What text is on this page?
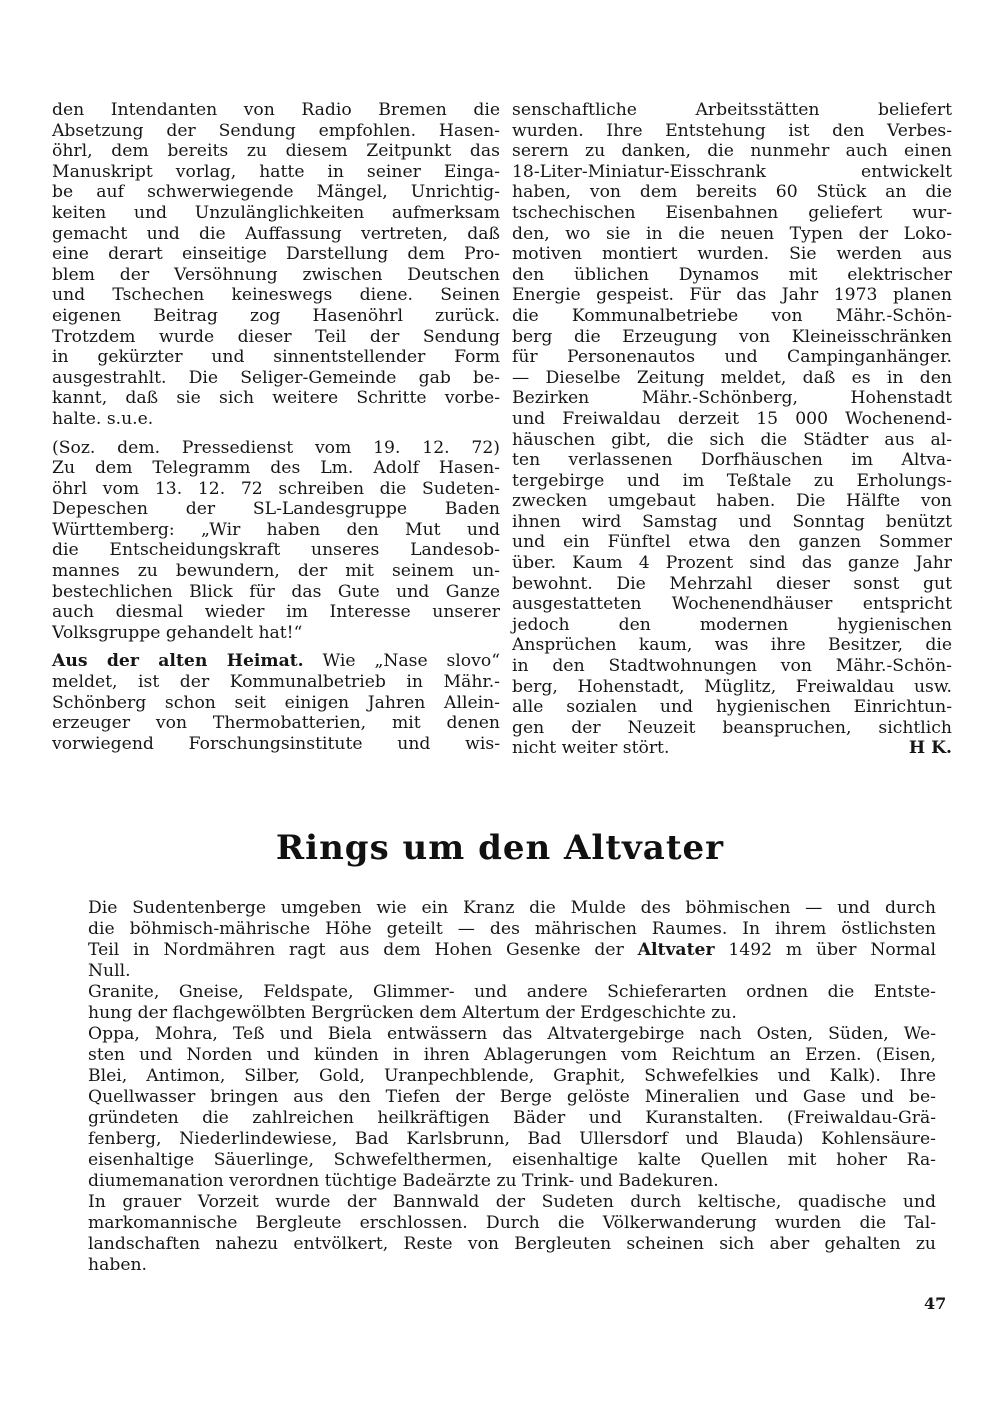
den Intendanten von Radio Bremen die
Absetzung der Sendung empfohlen. Hasen-
öhrl, dem bereits zu diesem Zeitpunkt das
Manuskript vorlag, hatte in seiner Einga-
be auf schwerwiegende Mängel, Unrichtig-
keiten und Unzulänglichkeiten aufmerksam
gemacht und die Auffassung vertreten, daß
eine derart einseitige Darstellung dem Pro-
blem der Versöhnung zwischen Deutschen
und Tschechen keineswegs diene. Seinen
eigenen Beitrag zog Hasenöhrl zurück.
Trotzdem wurde dieser Teil der Sendung
in gekürzter und sinnentstellender Form
ausgestrahlt. Die Seliger-Gemeinde gab be-
kannt, daß sie sich weitere Schritte vorbe-
halte. s.u.e.
(Soz. dem. Pressedienst vom 19. 12. 72)
Zu dem Telegramm des Lm. Adolf Hasen-
öhrl vom 13. 12. 72 schreiben die Sudeten-
Depeschen der SL-Landesgruppe Baden
Württemberg: „Wir haben den Mut und
die Entscheidungskraft unseres Landesob-
mannes zu bewundern, der mit seinem un-
bestechlichen Blick für das Gute und Ganze
auch diesmal wieder im Interesse unserer
Volksgruppe gehandelt hat!“
Aus der alten Heimat. Wie „Nase slovo“
meldet, ist der Kommunalbetrieb in Mähr.-
Schönberg schon seit einigen Jahren Allein-
erzeuger von Thermobatterien, mit denen
vorwiegend Forschungsinstitute und wis-
senschaftliche Arbeitsstätten beliefert
wurden. Ihre Entstehung ist den Verbes-
serern zu danken, die nunmehr auch einen
18-Liter-Miniatur-Eisschrank entwickelt
haben, von dem bereits 60 Stück an die
tschechischen Eisenbahnen geliefert wur-
den, wo sie in die neuen Typen der Loko-
motiven montiert wurden. Sie werden aus
den üblichen Dynamos mit elektrischer
Energie gespeist. Für das Jahr 1973 planen
die Kommunalbetriebe von Mähr.-Schön-
berg die Erzeugung von Kleineisschränken
für Personenautos und Campinganhänger.
— Dieselbe Zeitung meldet, daß es in den
Bezirken Mähr.-Schönberg, Hohenstadt
und Freiwaldau derzeit 15 000 Wochenend-
häuschen gibt, die sich die Städter aus al-
ten verlassenen Dorfhäuschen im Altva-
tergebirge und im Teßtale zu Erholungs-
zwecken umgebaut haben. Die Hälfte von
ihnen wird Samstag und Sonntag benützt
und ein Fünftel etwa den ganzen Sommer
über. Kaum 4 Prozent sind das ganze Jahr
bewohnt. Die Mehrzahl dieser sonst gut
ausgestatteten Wochenendhäuser entspricht
jedoch den modernen hygienischen
Ansprüchen kaum, was ihre Besitzer, die
in den Stadtwohnungen von Mähr.-Schön-
berg, Hohenstadt, Müglitz, Freiwaldau usw.
alle sozialen und hygienischen Einrichtun-
gen der Neuzeit beanspruchen, sichtlich
nicht weiter stört.	H K.
Rings um den Altvater
Die Sudentenberge umgeben wie ein Kranz die Mulde des böhmischen — und durch
die böhmisch-mährische Höhe geteilt — des mährischen Raumes. In ihrem östlichsten
Teil in Nordmähren ragt aus dem Hohen Gesenke der Altvater 1492 m über Normal
Null.
Granite, Gneise, Feldspate, Glimmer- und andere Schieferarten ordnen die Entste-
hung der flachgewölbten Bergrücken dem Altertum der Erdgeschichte zu.
Oppa, Mohra, Teß und Biela entwässern das Altvatergebirge nach Osten, Süden, We-
sten und Norden und künden in ihren Ablagerungen vom Reichtum an Erzen. (Eisen,
Blei, Antimon, Silber, Gold, Uranpechblende, Graphit, Schwefelkies und Kalk). Ihre
Quellwasser bringen aus den Tiefen der Berge gelöste Mineralien und Gase und be-
gründeten die zahlreichen heilkräftigen Bäder und Kuranstalten. (Freiwaldau-Grä-
fenberg, Niederlindewiese, Bad Karlsbrunn, Bad Ullersdorf und Blauda) Kohlensäure-
eisenhaltige Säuerlinge, Schwefelthermen, eisenhaltige kalte Quellen mit hoher Ra-
diumemanation verordnen tüchtige Badeärzte zu Trink- und Badekuren.
In grauer Vorzeit wurde der Bannwald der Sudeten durch keltische, quadische und
markomannische Bergleute erschlossen. Durch die Völkerwanderung wurden die Tal-
landschaften nahezu entvölkert, Reste von Bergleuten scheinen sich aber gehalten zu
haben.
47
